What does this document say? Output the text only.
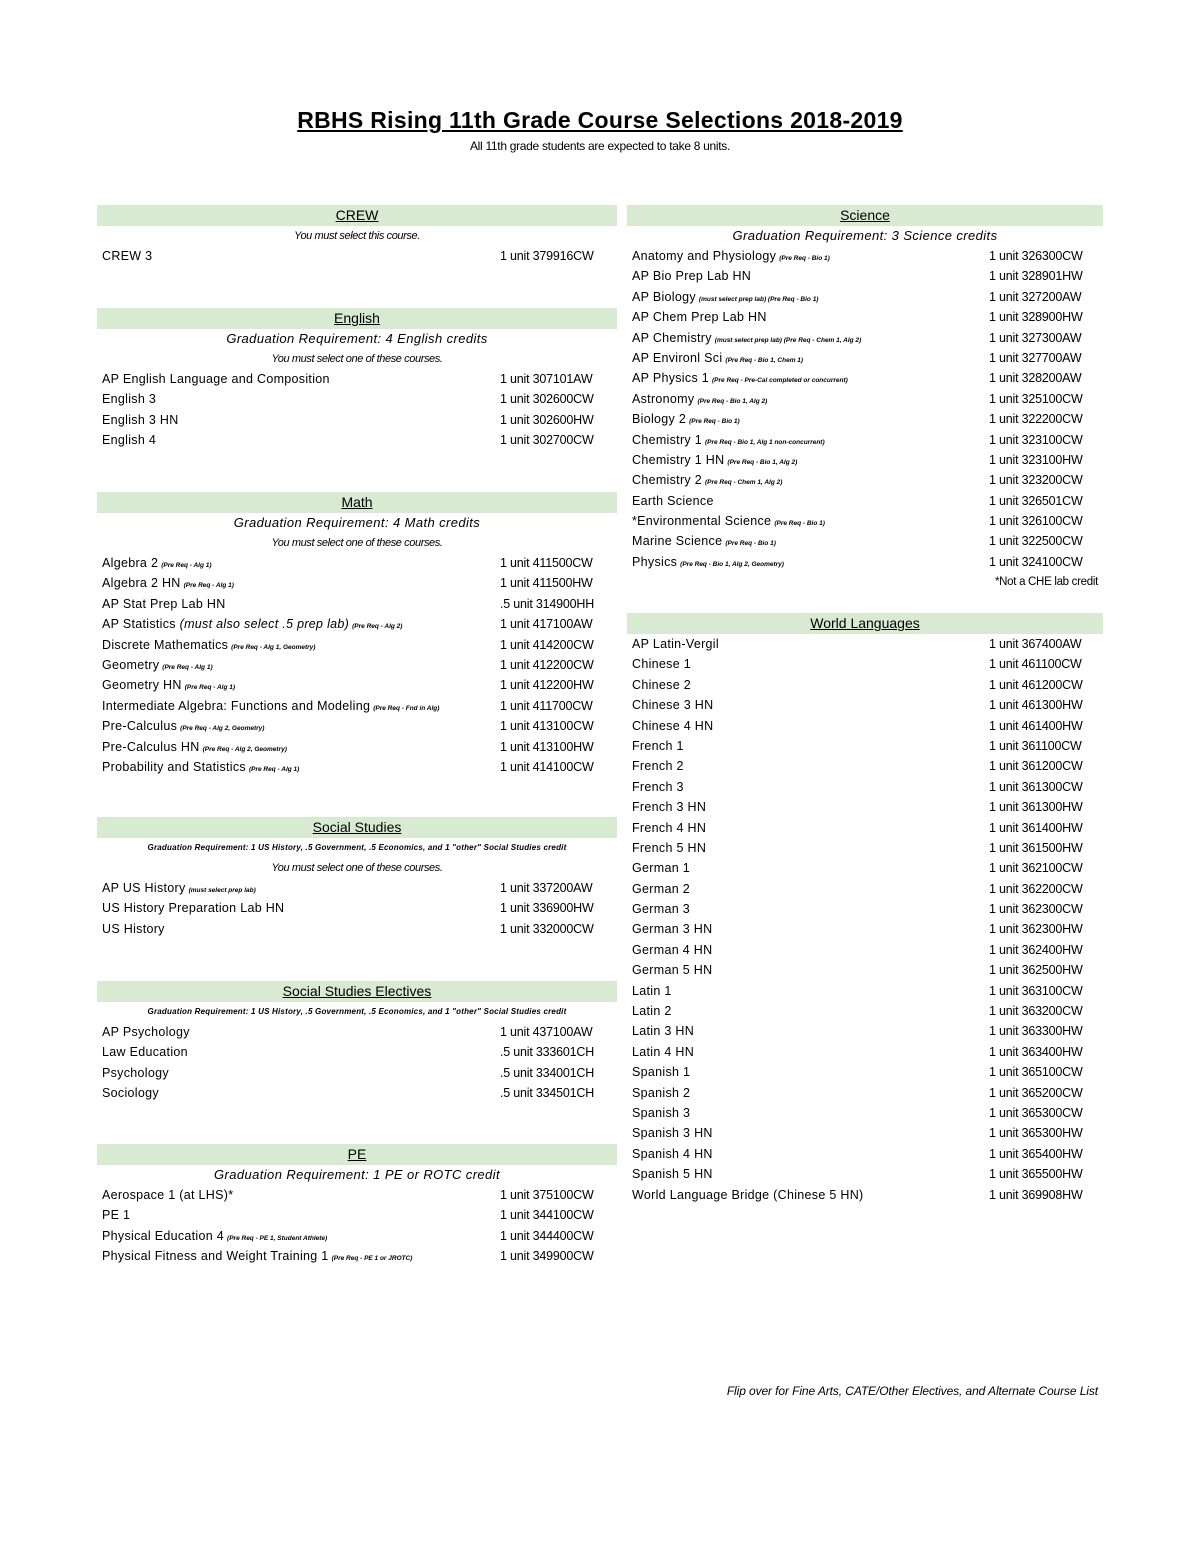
RBHS Rising 11th Grade Course Selections 2018-2019
All 11th grade students are expected to take 8 units.
CREW
You must select this course.
CREW 3	1 unit 379916CW
English
Graduation Requirement: 4 English credits
You must select one of these courses.
AP English Language and Composition	1 unit 307101AW
English 3	1 unit 302600CW
English 3 HN	1 unit 302600HW
English 4	1 unit 302700CW
Math
Graduation Requirement: 4 Math credits
You must select one of these courses.
Algebra 2 (Pre Req - Alg 1)	1 unit 411500CW
Algebra 2 HN (Pre Req - Alg 1)	1 unit 411500HW
AP Stat Prep Lab HN	.5 unit 314900HH
AP Statistics (must also select .5 prep lab) (Pre Req - Alg 2)	1 unit 417100AW
Discrete Mathematics (Pre Req - Alg 1, Geometry)	1 unit 414200CW
Geometry (Pre Req - Alg 1)	1 unit 412200CW
Geometry HN (Pre Req - Alg 1)	1 unit 412200HW
Intermediate Algebra: Functions and Modeling (Pre Req - Fnd in Alg)	1 unit 411700CW
Pre-Calculus (Pre Req - Alg 2, Geometry)	1 unit 413100CW
Pre-Calculus HN (Pre Req - Alg 2, Geometry)	1 unit 413100HW
Probability and Statistics (Pre Req - Alg 1)	1 unit 414100CW
Social Studies
Graduation Requirement: 1 US History, .5 Government, .5 Economics, and 1 "other" Social Studies credit
You must select one of these courses.
AP US History (must select prep lab)	1 unit 337200AW
US History Preparation Lab HN	1 unit 336900HW
US History	1 unit 332000CW
Social Studies Electives
Graduation Requirement: 1 US History, .5 Government, .5 Economics, and 1 "other" Social Studies credit
AP Psychology	1 unit 437100AW
Law Education	.5 unit 333601CH
Psychology	.5 unit 334001CH
Sociology	.5 unit 334501CH
PE
Graduation Requirement: 1 PE or ROTC credit
Aerospace 1 (at LHS)*	1 unit 375100CW
PE 1	1 unit 344100CW
Physical Education 4 (Pre Req - PE 1, Student Athlete)	1 unit 344400CW
Physical Fitness and Weight Training 1 (Pre Req - PE 1 or JROTC)	1 unit 349900CW
Science
Graduation Requirement: 3 Science credits
Anatomy and Physiology (Pre Req - Bio 1)	1 unit 326300CW
AP Bio Prep Lab HN	1 unit 328901HW
AP Biology (must select prep lab) (Pre Req - Bio 1)	1 unit 327200AW
AP Chem Prep Lab HN	1 unit 328900HW
AP Chemistry (must select prep lab) (Pre Req - Chem 1, Alg 2)	1 unit 327300AW
AP Environl Sci (Pre Req - Bio 1, Chem 1)	1 unit 327700AW
AP Physics 1 (Pre Req - Pre-Cal completed or concurrent)	1 unit 328200AW
Astronomy (Pre Req - Bio 1, Alg 2)	1 unit 325100CW
Biology 2 (Pre Req - Bio 1)	1 unit 322200CW
Chemistry 1 (Pre Req - Bio 1, Alg 1 non-concurrent)	1 unit 323100CW
Chemistry 1 HN (Pre Req - Bio 1, Alg 2)	1 unit 323100HW
Chemistry 2 (Pre Req - Chem 1, Alg 2)	1 unit 323200CW
Earth Science	1 unit 326501CW
*Environmental Science (Pre Req - Bio 1)	1 unit 326100CW
Marine Science (Pre Req - Bio 1)	1 unit 322500CW
Physics (Pre Req - Bio 1, Alg 2, Geometry)	1 unit 324100CW
*Not a CHE lab credit
World Languages
AP Latin-Vergil	1 unit 367400AW
Chinese 1	1 unit 461100CW
Chinese 2	1 unit 461200CW
Chinese 3 HN	1 unit 461300HW
Chinese 4 HN	1 unit 461400HW
French 1	1 unit 361100CW
French 2	1 unit 361200CW
French 3	1 unit 361300CW
French 3 HN	1 unit 361300HW
French 4 HN	1 unit 361400HW
French 5 HN	1 unit 361500HW
German 1	1 unit 362100CW
German 2	1 unit 362200CW
German 3	1 unit 362300CW
German 3 HN	1 unit 362300HW
German 4 HN	1 unit 362400HW
German 5 HN	1 unit 362500HW
Latin 1	1 unit 363100CW
Latin 2	1 unit 363200CW
Latin 3 HN	1 unit 363300HW
Latin 4 HN	1 unit 363400HW
Spanish 1	1 unit 365100CW
Spanish 2	1 unit 365200CW
Spanish 3	1 unit 365300CW
Spanish 3 HN	1 unit 365300HW
Spanish 4 HN	1 unit 365400HW
Spanish 5 HN	1 unit 365500HW
World Language Bridge (Chinese 5 HN)	1 unit 369908HW
Flip over for Fine Arts, CATE/Other Electives, and Alternate Course List
